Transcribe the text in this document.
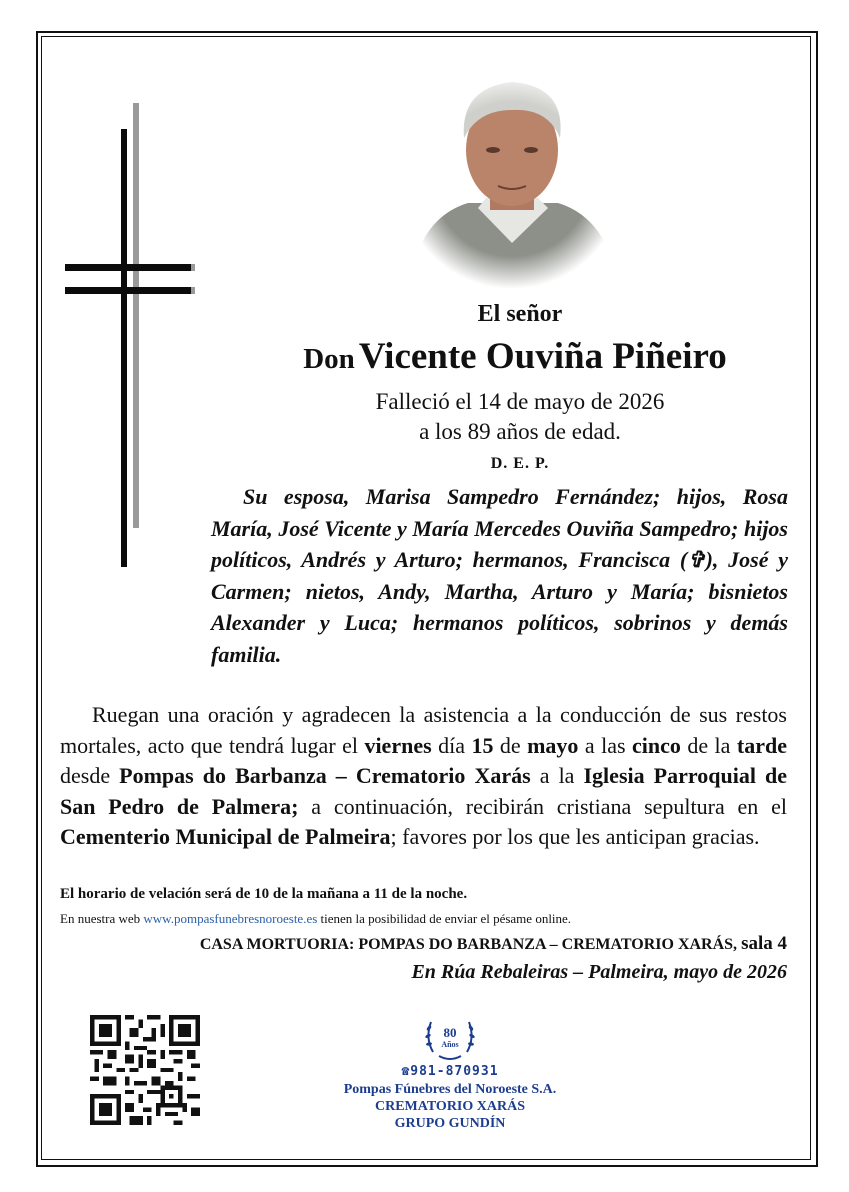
El señor
Don Vicente Ouviña Piñeiro
Falleció el 14 de mayo de 2026
a los 89 años de edad.
D. E. P.

Su esposa, Marisa Sampedro Fernández; hijos, Rosa María, José Vicente y María Mercedes Ouviña Sampedro; hijos políticos, Andrés y Arturo; hermanos, Francisca (✞), José y Carmen; nietos, Andy, Martha, Arturo y María; bisnietos Alexander y Luca; hermanos políticos, sobrinos y demás familia.

Ruegan una oración y agradecen la asistencia a la conducción de sus restos mortales, acto que tendrá lugar el viernes día 15 de mayo a las cinco de la tarde desde Pompas do Barbanza – Crematorio Xarás a la Iglesia Parroquial de San Pedro de Palmera; a continuación, recibirán cristiana sepultura en el Cementerio Municipal de Palmeira; favores por los que les anticipan gracias.

El horario de velación será de 10 de la mañana a 11 de la noche.
En nuestra web www.pompasfunebresnoroeste.es tienen la posibilidad de enviar el pésame online.
CASA MORTUORIA: POMPAS DO BARBANZA – CREMATORIO XARÁS, sala 4
En Rúa Rebaleiras – Palmeira, mayo de 2026
80
Años
☎981-870931
Pompas Fúnebres del Noroeste S.A.
CREMATORIO XARÁS
GRUPO GUNDÍN
